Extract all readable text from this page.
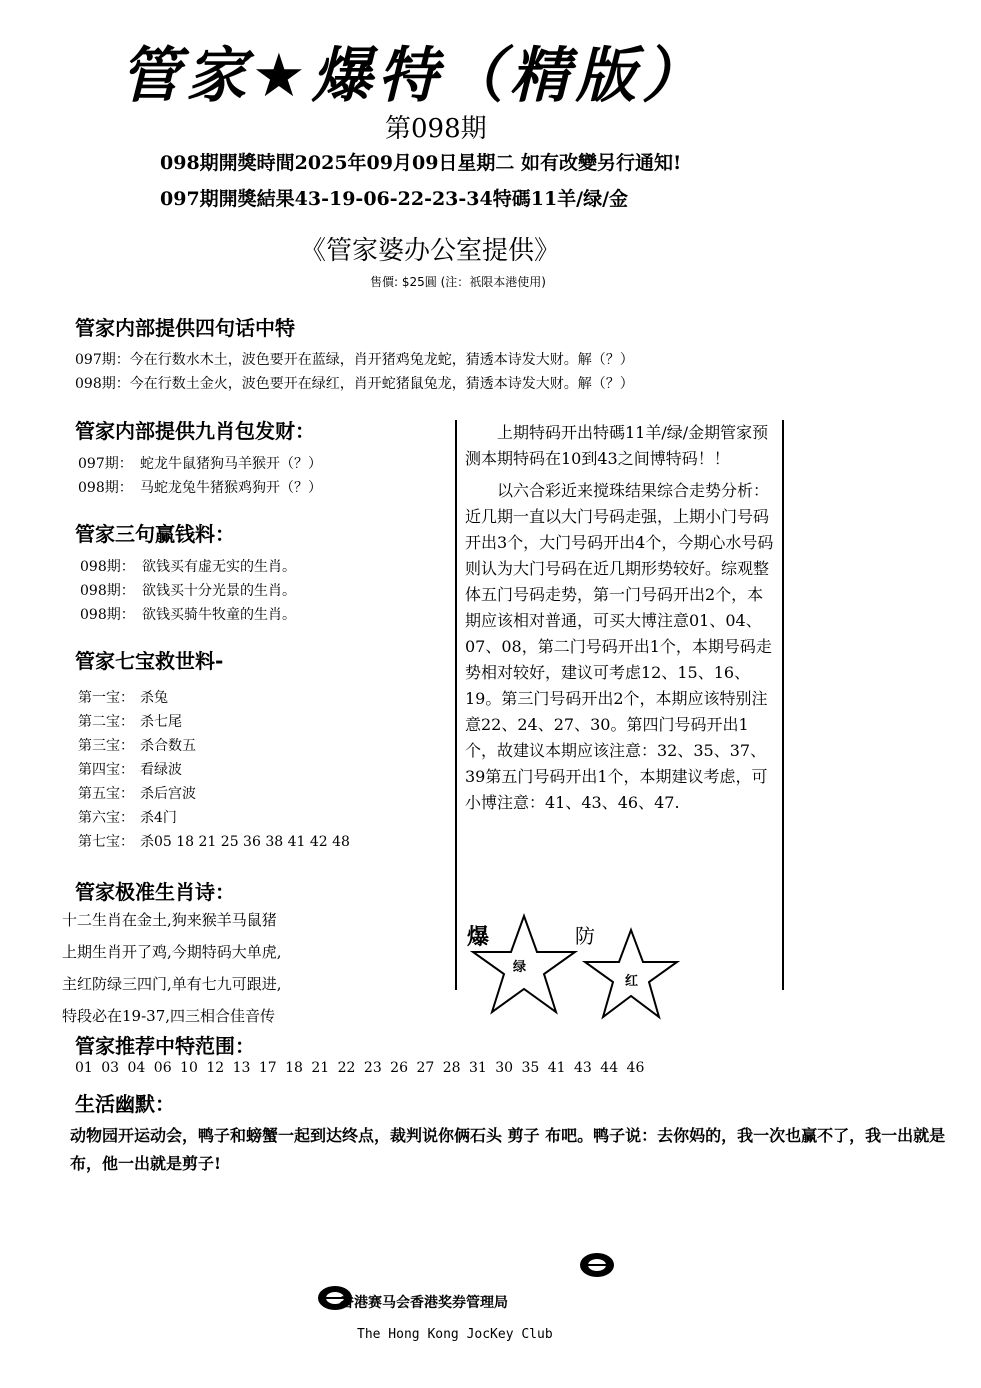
管家★爆特（精版）
第098期
098期開獎時間2025年09月09日星期二 如有改變另行通知!
097期開獎結果43-19-06-22-23-34特碼11羊/绿/金
《管家婆办公室提供》
售價: $25圓 (注：祇限本港使用)
管家内部提供四句话中特
097期：今在行数水木土，波色要开在蓝绿，肖开猪鸡兔龙蛇，猜透本诗发大财。解（？）
098期：今在行数土金火，波色要开在绿红，肖开蛇猪鼠兔龙，猜透本诗发大财。解（？）
管家内部提供九肖包发财：
097期： 蛇龙牛鼠猪狗马羊猴开（？）
098期： 马蛇龙兔牛猪猴鸡狗开（？）
管家三句赢钱料：
098期： 欲钱买有虚无实的生肖。
098期： 欲钱买十分光景的生肖。
098期： 欲钱买骑牛牧童的生肖。
管家七宝救世料-
第一宝： 杀兔
第二宝： 杀七尾
第三宝： 杀合数五
第四宝： 看绿波
第五宝： 杀后宫波
第六宝： 杀4门
第七宝： 杀05 18 21 25 36 38 41 42 48
管家极准生肖诗：
十二生肖在金土,狗来猴羊马鼠猪
上期生肖开了鸡,今期特码大单虎,
主红防绿三四门,单有七九可跟进,
特段必在19-37,四三相合佳音传

上期特码开出特碼11羊/绿/金期管家预测本期特码在10到43之间博特码！！

以六合彩近来搅珠结果综合走势分析：近几期一直以大门号码走强，上期小门号码开出3个，大门号码开出4个，今期心水号码则认为大门号码在近几期形势较好。综观整体五门号码走势，第一门号码开出2个，本期应该相对普通，可买大博注意01、04、07、08，第二门号码开出1个，本期号码走势相对较好，建议可考虑12、15、16、19。第三门号码开出2个，本期应该特别注意22、24、27、30。第四门号码开出1个，故建议本期应该注意：32、35、37、39第五门号码开出1个，本期建议考虑，可小博注意：41、43、46、47.

爆
绿
防
红
管家推荐中特范围：
01 03 04 06 10 12 13 17 18 21 22 23 26 27 28 31 30 35 41 43 44 46
生活幽默：
动物园开运动会，鸭子和螃蟹一起到达终点，裁判说你俩石头 剪子 布吧。鸭子说：去你妈的，我一次也赢不了，我一出就是布，他一出就是剪子!
香港赛马会香港奖券管理局
The Hong Kong JocKey Club
